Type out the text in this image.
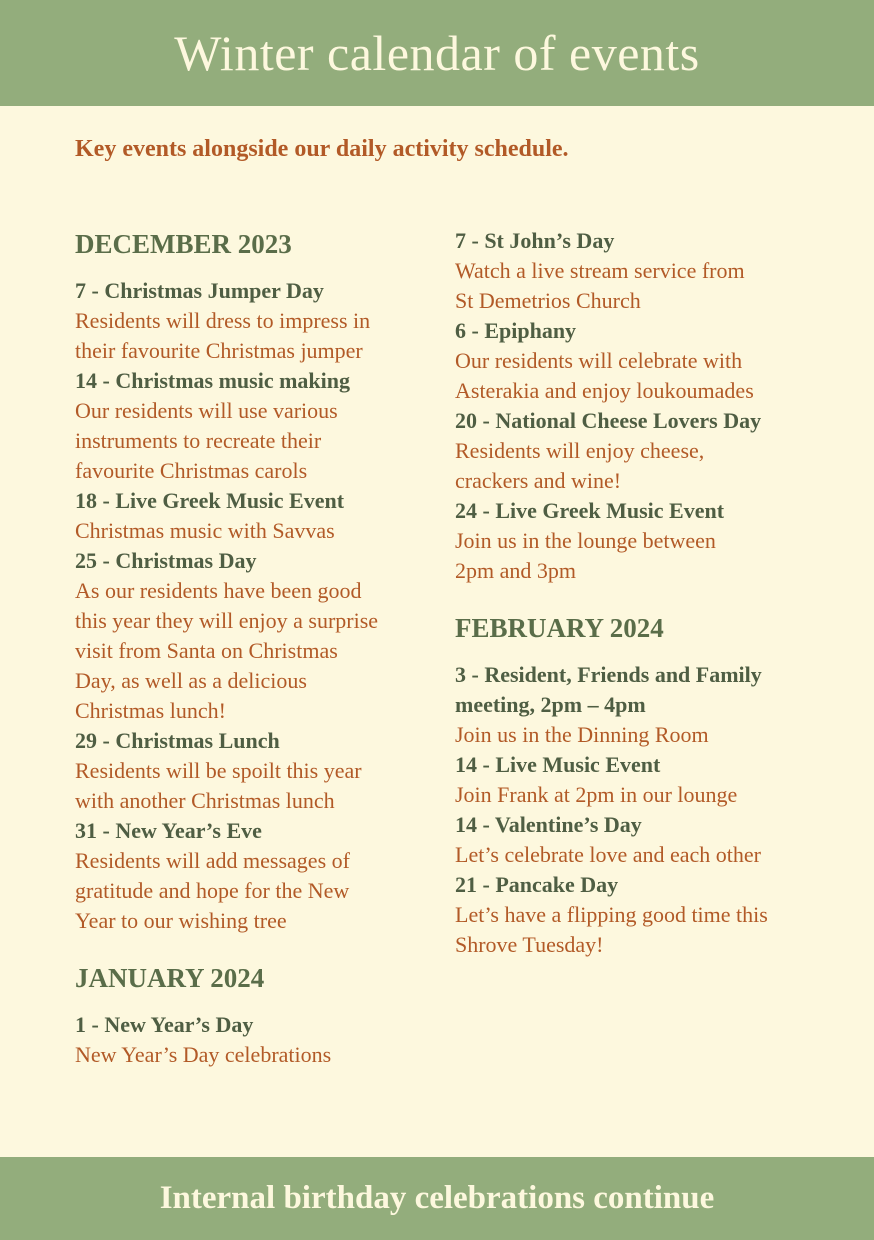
Winter calendar of events
Key events alongside our daily activity schedule.
DECEMBER 2023
7 - Christmas Jumper Day
Residents will dress to impress in
their favourite Christmas jumper
14 - Christmas music making
Our residents will use various
instruments to recreate their
favourite Christmas carols
18 - Live Greek Music Event
Christmas music with Savvas
25 - Christmas Day
As our residents have been good
this year they will enjoy a surprise
visit from Santa on Christmas
Day, as well as a delicious
Christmas lunch!
29 - Christmas Lunch
Residents will be spoilt this year
with another Christmas lunch
31 - New Year’s Eve
Residents will add messages of
gratitude and hope for the New
Year to our wishing tree
JANUARY 2024
1 - New Year’s Day
New Year’s Day celebrations
7 - St John’s Day
Watch a live stream service from
St Demetrios Church
6 - Epiphany
Our residents will celebrate with
Asterakia and enjoy loukoumades
20 - National Cheese Lovers Day
Residents will enjoy cheese,
crackers and wine!
24 - Live Greek Music Event
Join us in the lounge between
2pm and 3pm
FEBRUARY 2024
3 - Resident, Friends and Family
meeting, 2pm – 4pm
Join us in the Dinning Room
14 - Live Music Event
Join Frank at 2pm in our lounge
14 - Valentine’s Day
Let’s celebrate love and each other
21 - Pancake Day
Let’s have a flipping good time this
Shrove Tuesday!
Internal birthday celebrations continue
